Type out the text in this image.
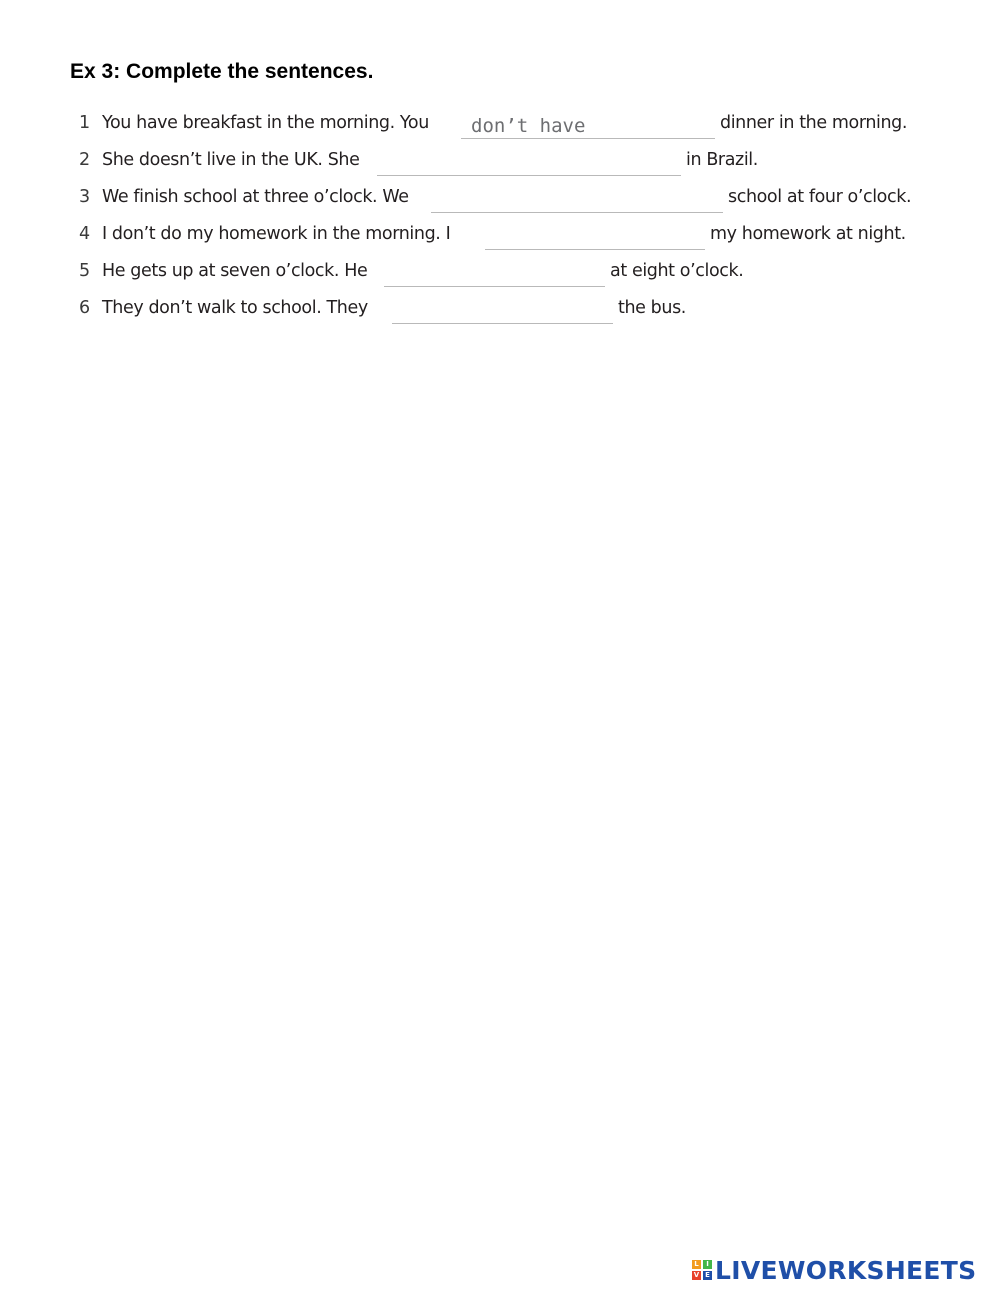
Ex 3: Complete the sentences.
1 You have breakfast in the morning. You
don’t have	dinner in the morning.
2 She doesn’t live in the UK. She	in Brazil.
3 We finish school at three o’clock. We	school at four o’clock.
4 I don’t do my homework in the morning. I	my homework at night.
5 He gets up at seven o’clock. He	at eight o’clock.
6 They don’t walk to school. They	the bus.
L	I
V E LIVEWORKSHEETS
